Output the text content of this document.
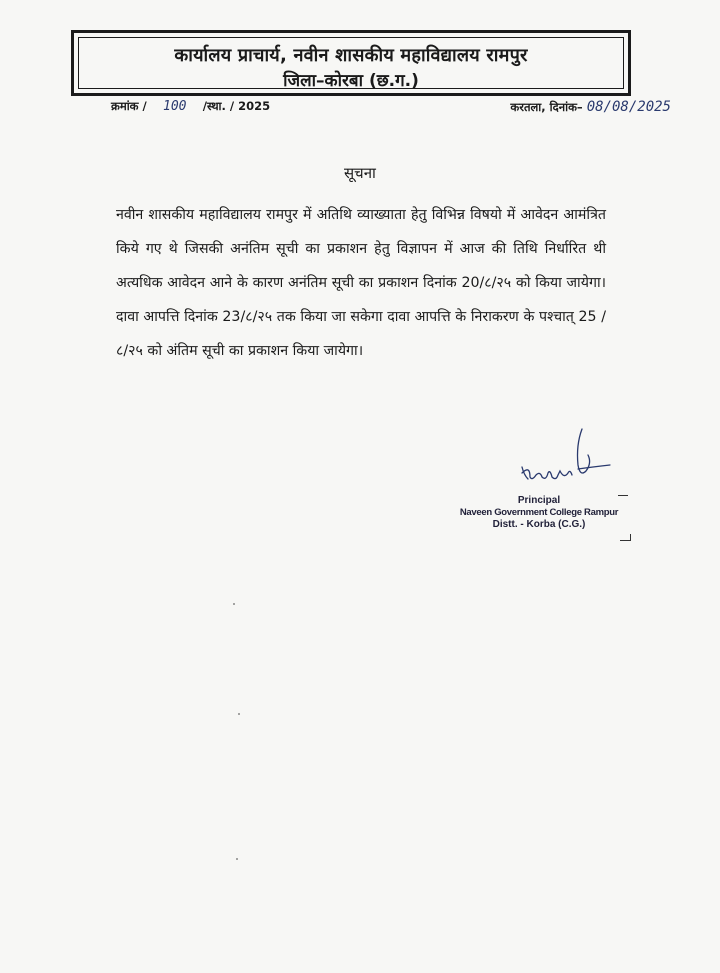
कार्यालय प्राचार्य, नवीन शासकीय महाविद्यालय रामपुर
जिला–कोरबा (छ.ग.)
क्रमांक / 100 /स्था. / 2025	करतला, दिनांक– 08/08/2025
सूचना

नवीन शासकीय महाविद्यालय रामपुर में अतिथि व्याख्याता हेतु विभिन्न विषयो में आवेदन आमंत्रित किये गए थे जिसकी अनंतिम सूची का प्रकाशन हेतु विज्ञापन में आज की तिथि निर्धारित थी अत्यधिक आवेदन आने के कारण अनंतिम सूची का प्रकाशन दिनांक 20/८/२५ को किया जायेगा। दावा आपत्ति दिनांक 23/८/२५ तक किया जा सकेगा दावा आपत्ति के निराकरण के पश्चात् 25 /८/२५ को अंतिम सूची का प्रकाशन किया जायेगा।

Principal
Naveen Government College Rampur
Distt. - Korba (C.G.)
